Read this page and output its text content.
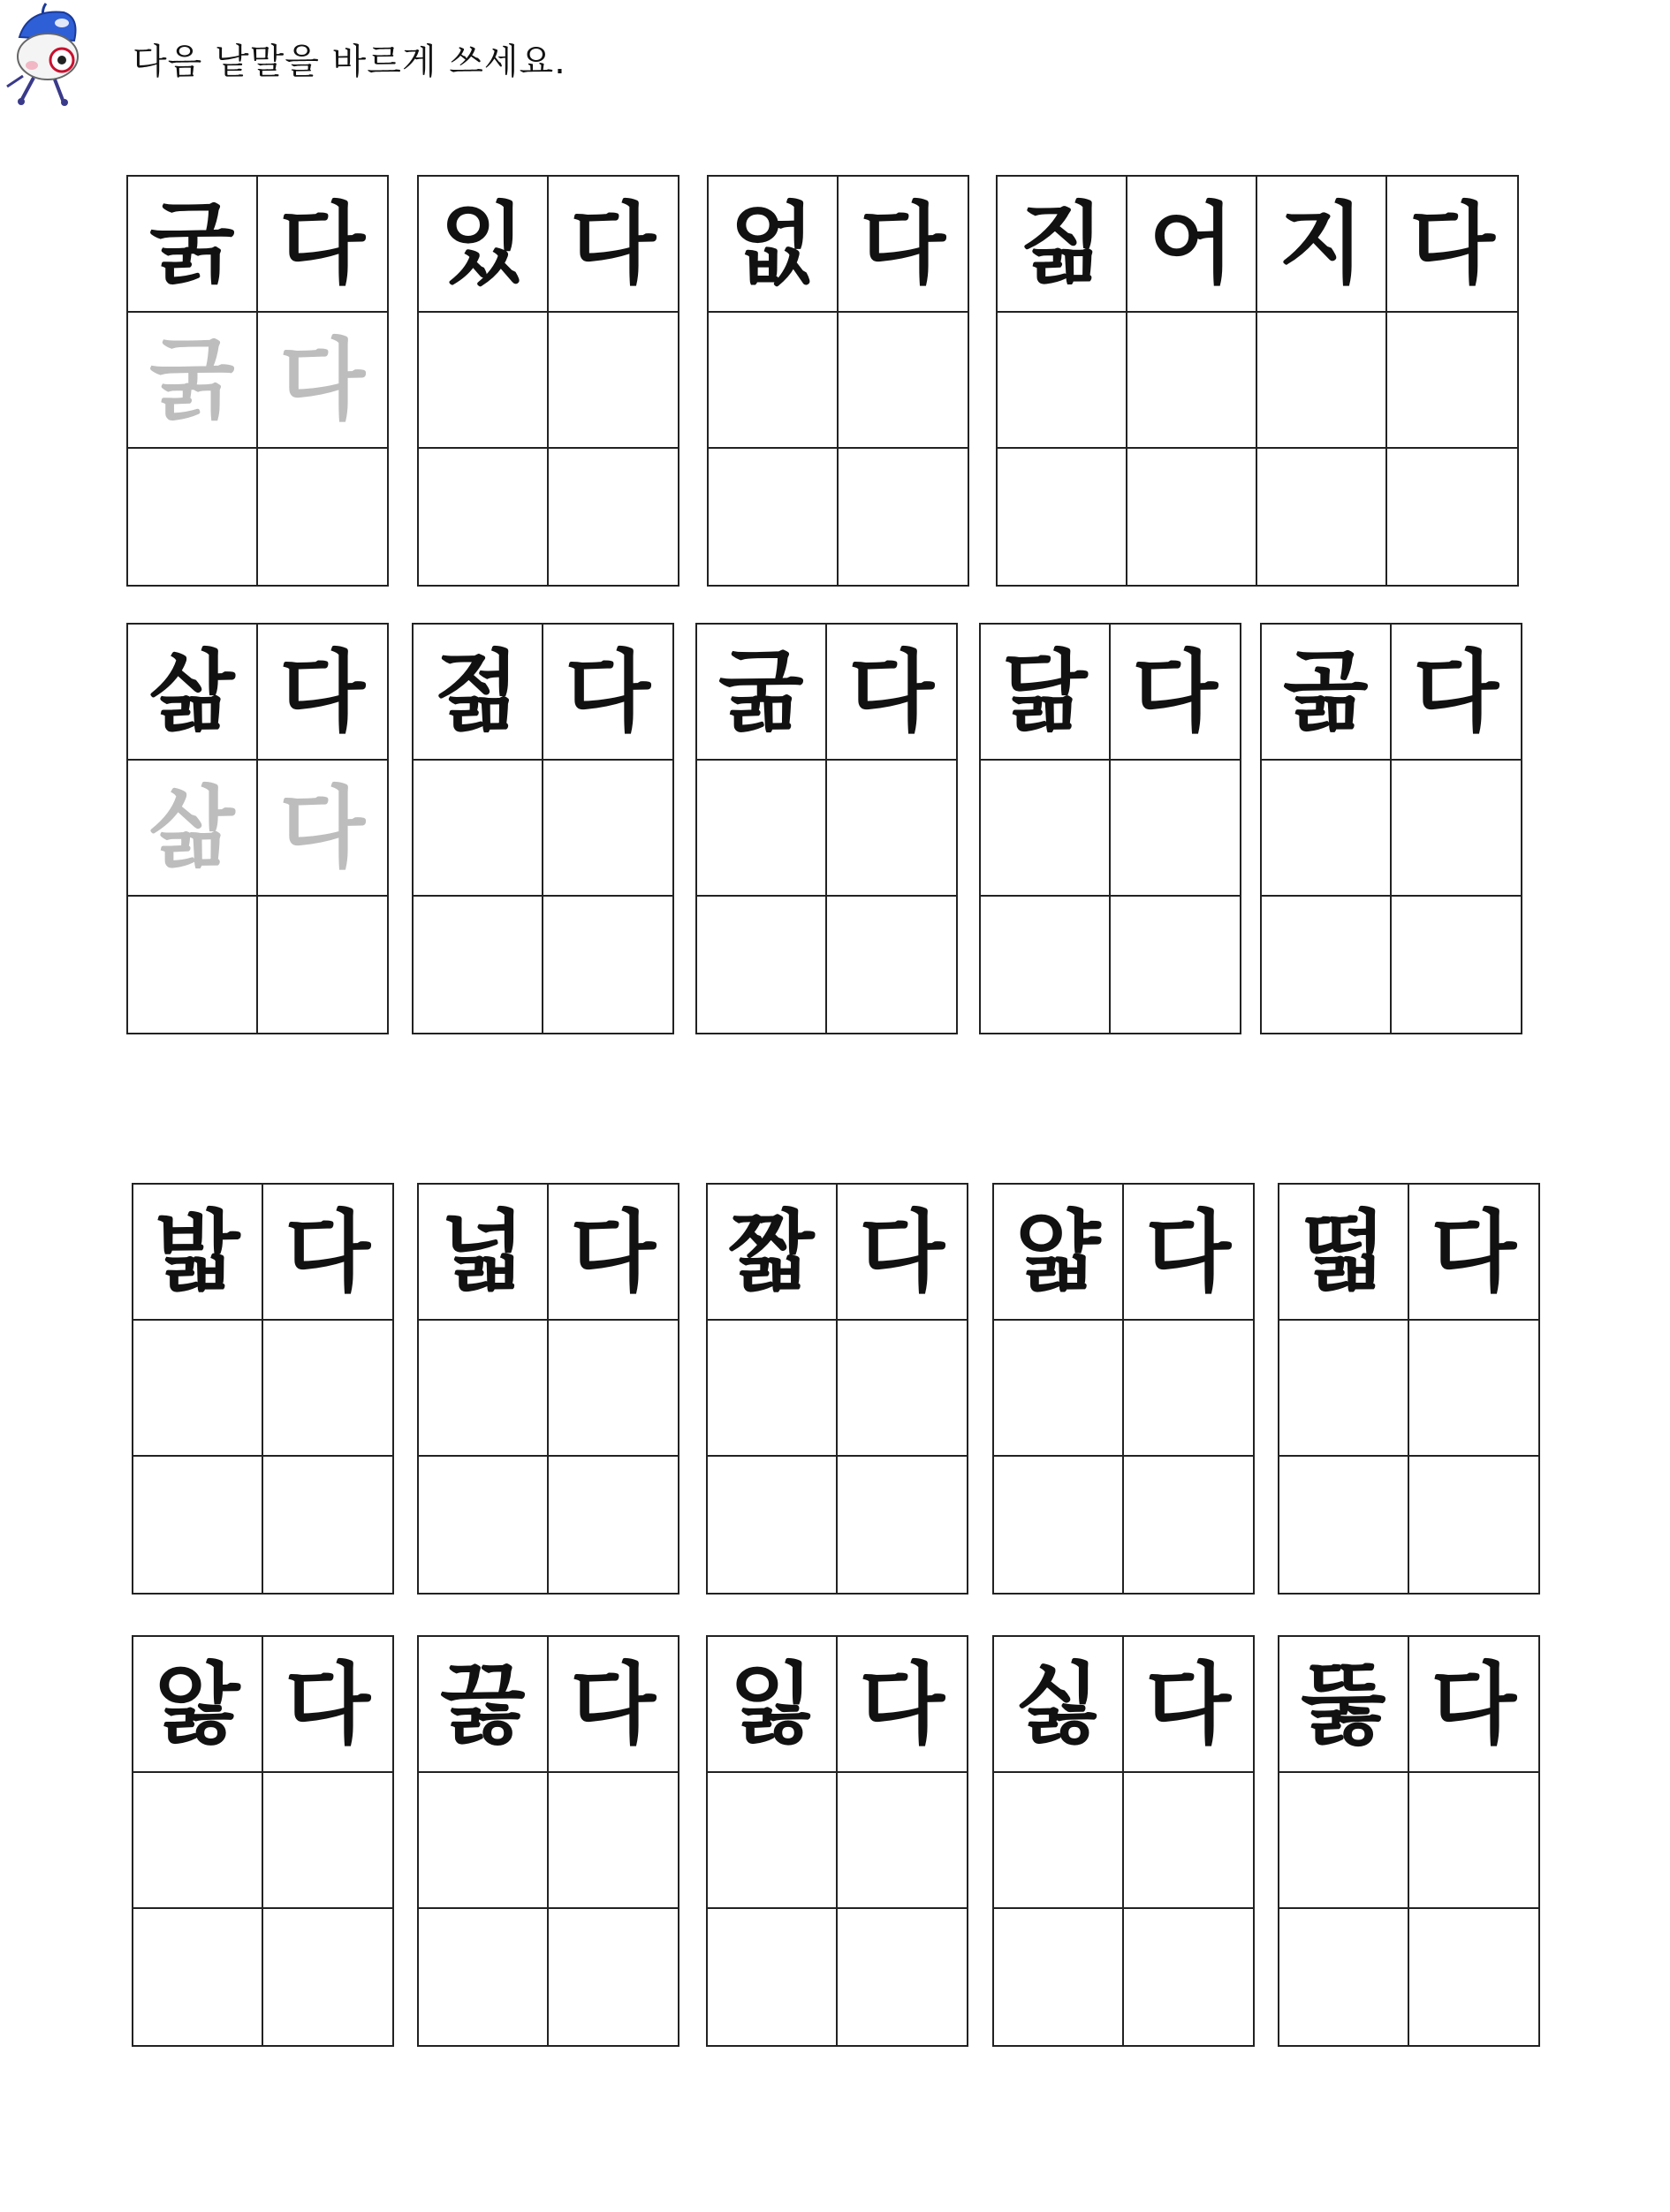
다음 낱말을 바르게 쓰세요.
굵 다
굵 다
있 다 없 다 짊 어 지 다
삶 다
삶 다
젊 다 굶 다 닮 다 곪 다
밟 다 넓 다 짧 다 얇 다 떫 다
앓 다 끓 다 잃 다 싫 다 뚫 다
